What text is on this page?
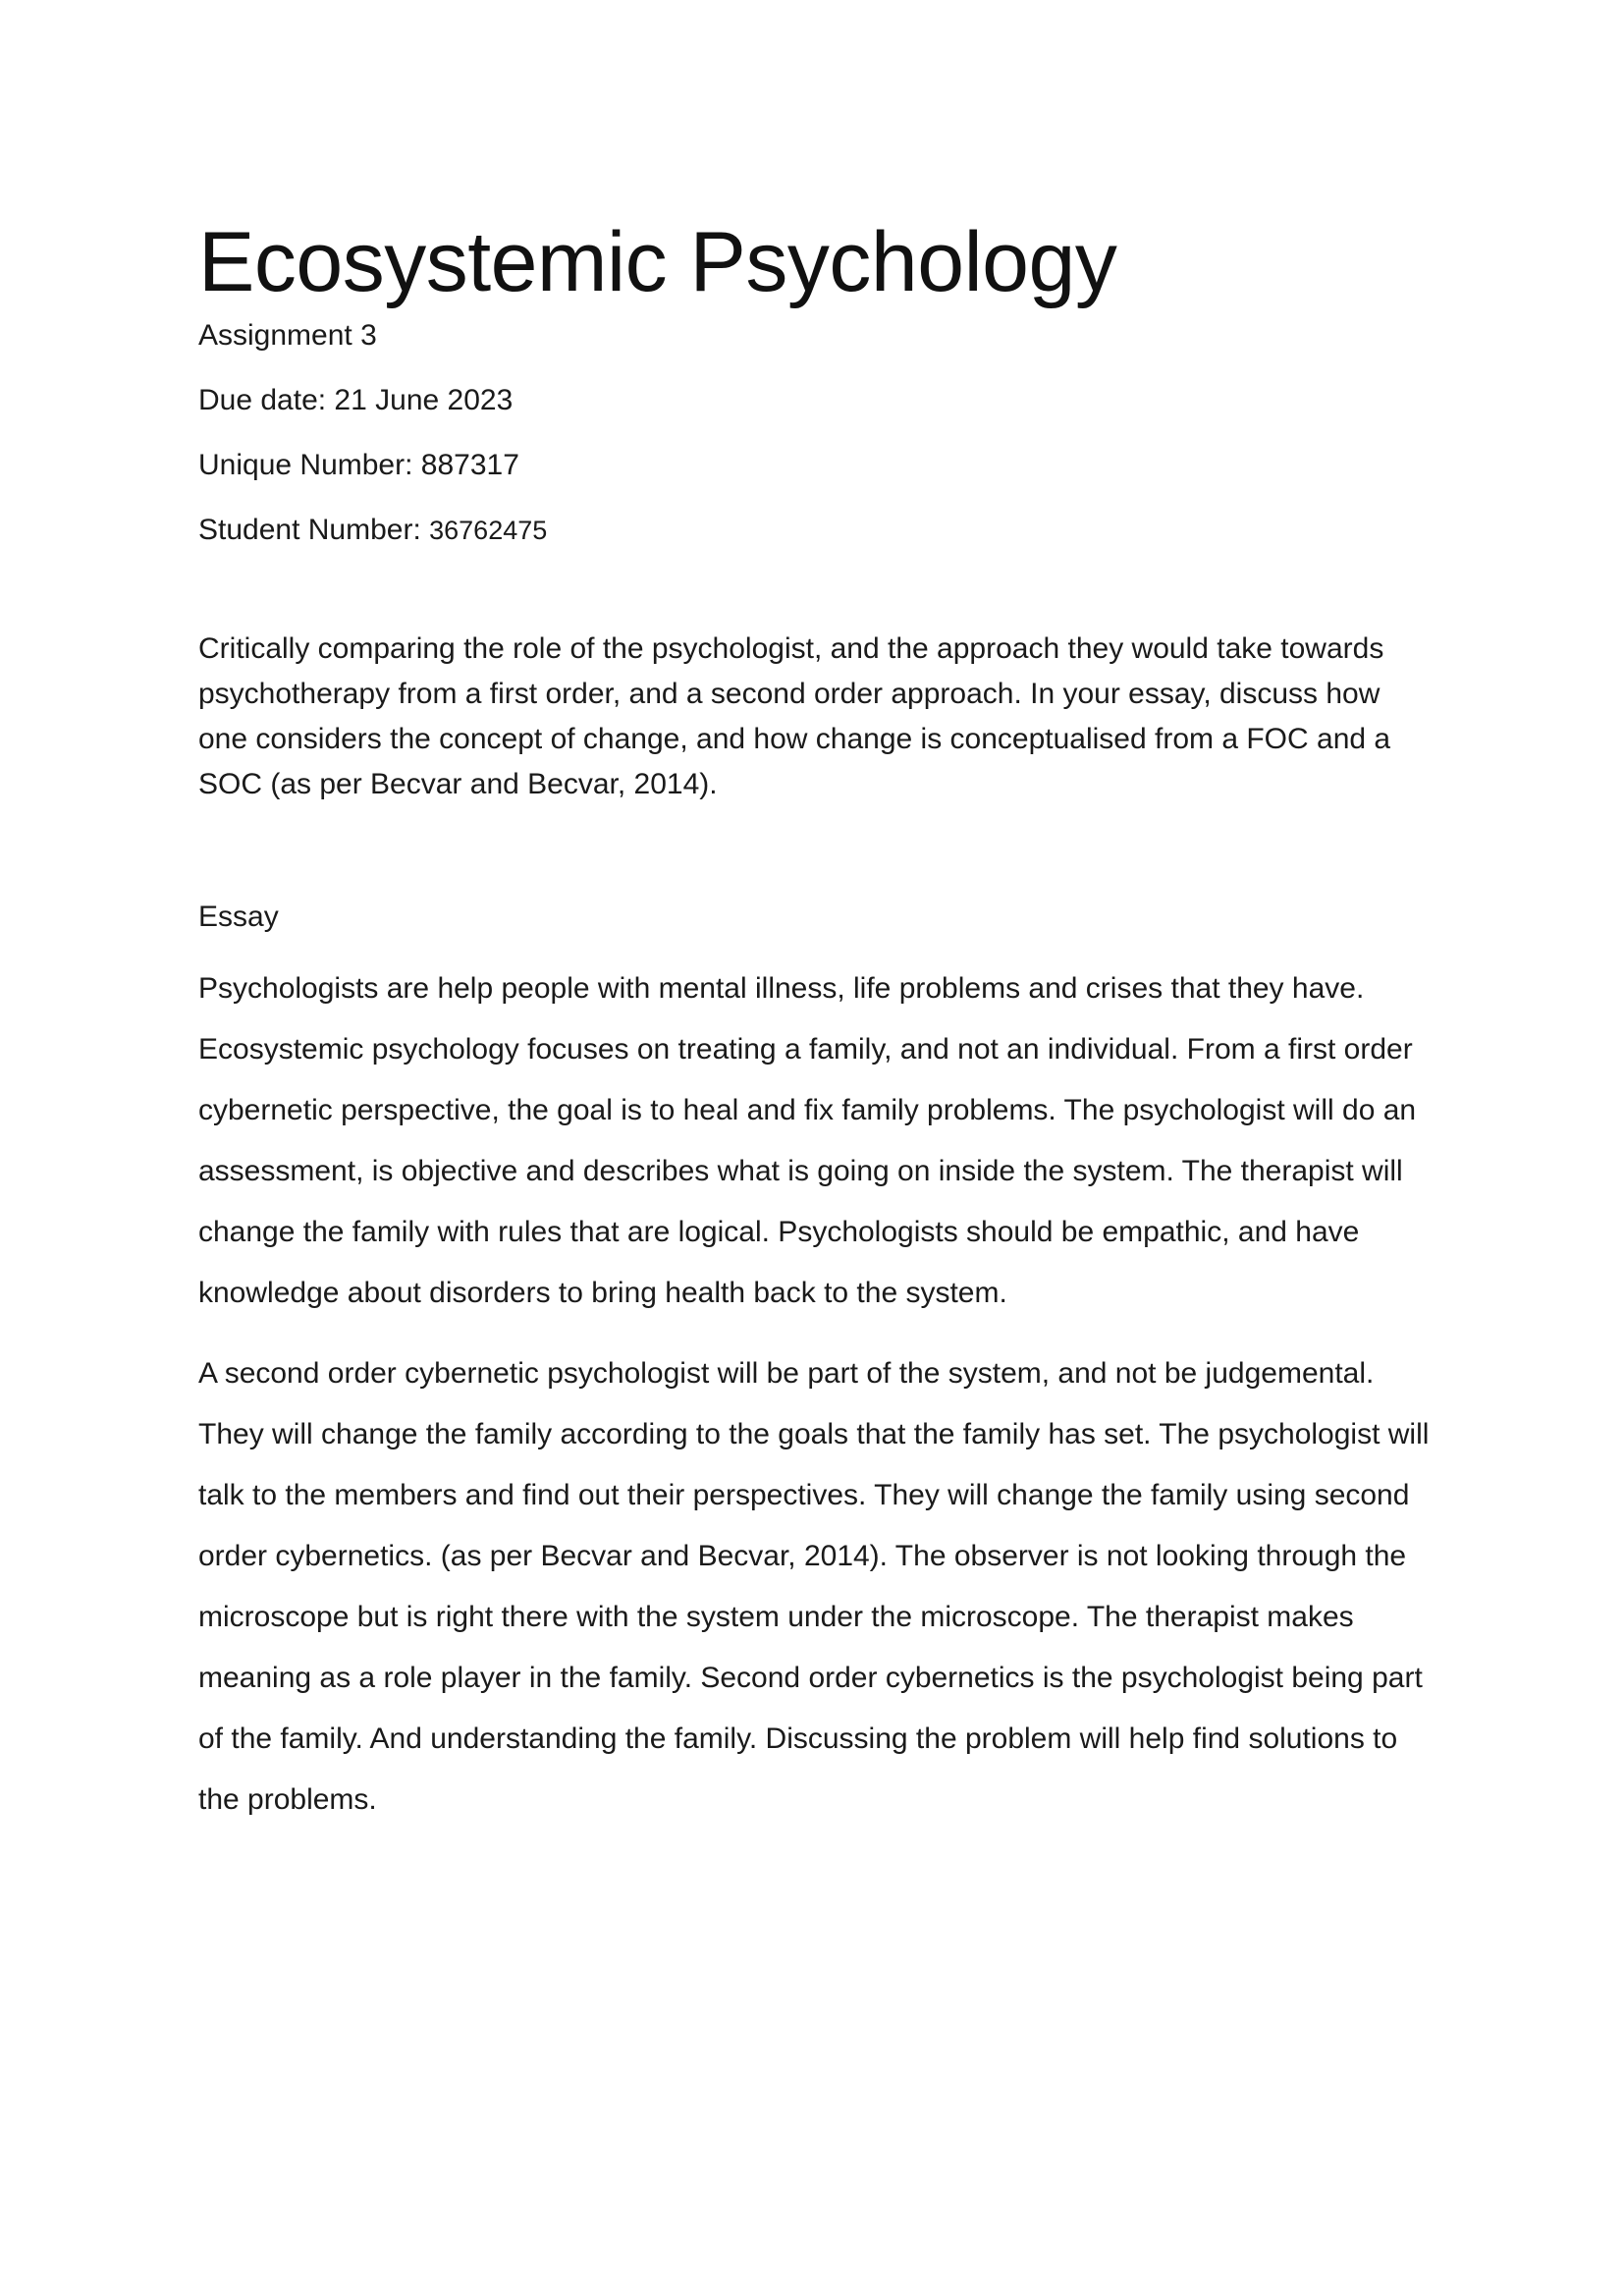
Ecosystemic Psychology

Assignment 3

Due date: 21 June 2023

Unique Number: 887317

Student Number: 36762475

Critically comparing the role of the psychologist, and the approach they would take towards psychotherapy from a first order, and a second order approach. In your essay, discuss how one considers the concept of change, and how change is conceptualised from a FOC and a SOC (as per Becvar and Becvar, 2014).

Essay

Psychologists are help people with mental illness, life problems and crises that they have. Ecosystemic psychology focuses on treating a family, and not an individual. From a first order cybernetic perspective, the goal is to heal and fix family problems. The psychologist will do an assessment, is objective and describes what is going on inside the system. The therapist will change the family with rules that are logical. Psychologists should be empathic, and have knowledge about disorders to bring health back to the system.

A second order cybernetic psychologist will be part of the system, and not be judgemental. They will change the family according to the goals that the family has set. The psychologist will talk to the members and find out their perspectives. They will change the family using second order cybernetics. (as per Becvar and Becvar, 2014). The observer is not looking through the microscope but is right there with the system under the microscope. The therapist makes meaning as a role player in the family. Second order cybernetics is the psychologist being part of the family. And understanding the family. Discussing the problem will help find solutions to the problems.
